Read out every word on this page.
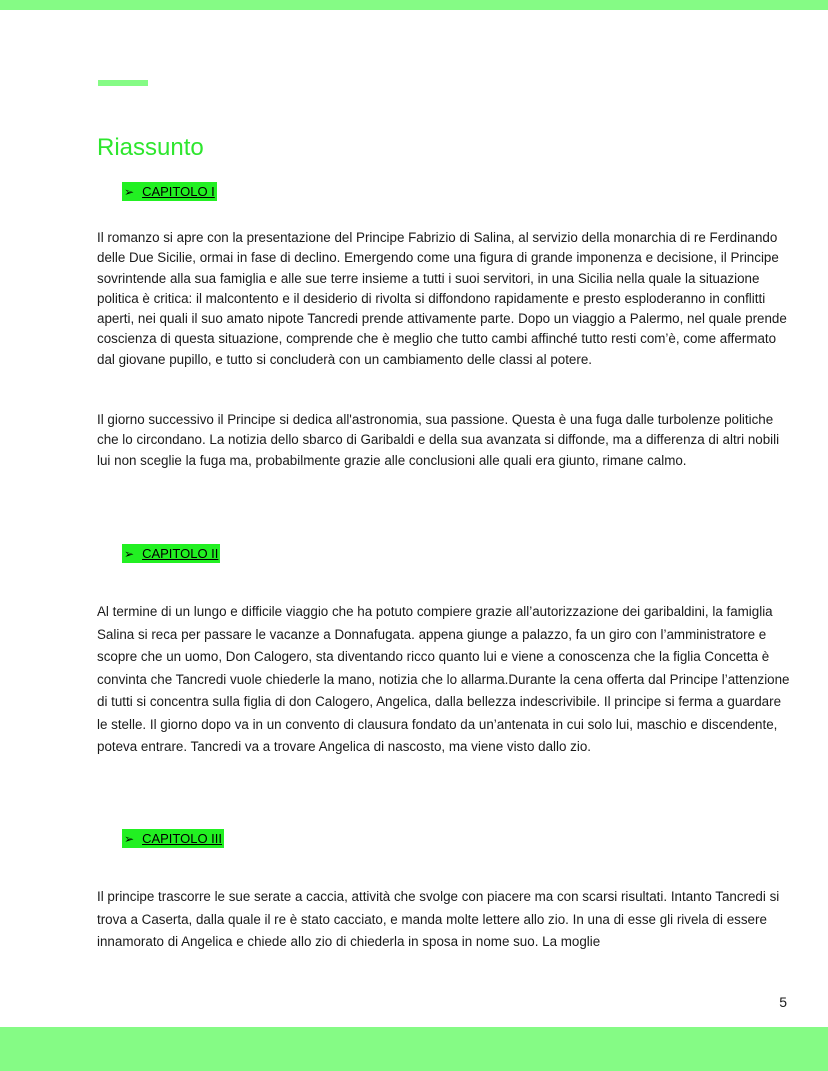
Riassunto
➢ CAPITOLO I

Il romanzo si apre con la presentazione del Principe Fabrizio di Salina, al servizio della monarchia di re Ferdinando delle Due Sicilie, ormai in fase di declino. Emergendo come una figura di grande imponenza e decisione, il Principe sovrintende alla sua famiglia e alle sue terre insieme a tutti i suoi servitori, in una Sicilia nella quale la situazione politica è critica: il malcontento e il desiderio di rivolta si diffondono rapidamente e presto esploderanno in conflitti aperti, nei quali il suo amato nipote Tancredi prende attivamente parte. Dopo un viaggio a Palermo, nel quale prende coscienza di questa situazione, comprende che è meglio che tutto cambi affinché tutto resti com’è, come affermato dal giovane pupillo, e tutto si concluderà con un cambiamento delle classi al potere.

Il giorno successivo il Principe si dedica all'astronomia, sua passione. Questa è una fuga dalle turbolenze politiche che lo circondano. La notizia dello sbarco di Garibaldi e della sua avanzata si diffonde, ma a differenza di altri nobili lui non sceglie la fuga ma, probabilmente grazie alle conclusioni alle quali era giunto, rimane calmo.

➢ CAPITOLO II

Al termine di un lungo e difficile viaggio che ha potuto compiere grazie all’autorizzazione dei garibaldini, la famiglia Salina si reca per passare le vacanze a Donnafugata. appena giunge a palazzo, fa un giro con l’amministratore e scopre che un uomo, Don Calogero, sta diventando ricco quanto lui e viene a conoscenza che la figlia Concetta è convinta che Tancredi vuole chiederle la mano, notizia che lo allarma.Durante la cena offerta dal Principe l’attenzione di tutti si concentra sulla figlia di don Calogero, Angelica, dalla bellezza indescrivibile. Il principe si ferma a guardare le stelle. Il giorno dopo va in un convento di clausura fondato da un’antenata in cui solo lui, maschio e discendente, poteva entrare. Tancredi va a trovare Angelica di nascosto, ma viene visto dallo zio.

➢ CAPITOLO III

Il principe trascorre le sue serate a caccia, attività che svolge con piacere ma con scarsi risultati. Intanto Tancredi si trova a Caserta, dalla quale il re è stato cacciato, e manda molte lettere allo zio. In una di esse gli rivela di essere innamorato di Angelica e chiede allo zio di chiederla in sposa in nome suo. La moglie

5
